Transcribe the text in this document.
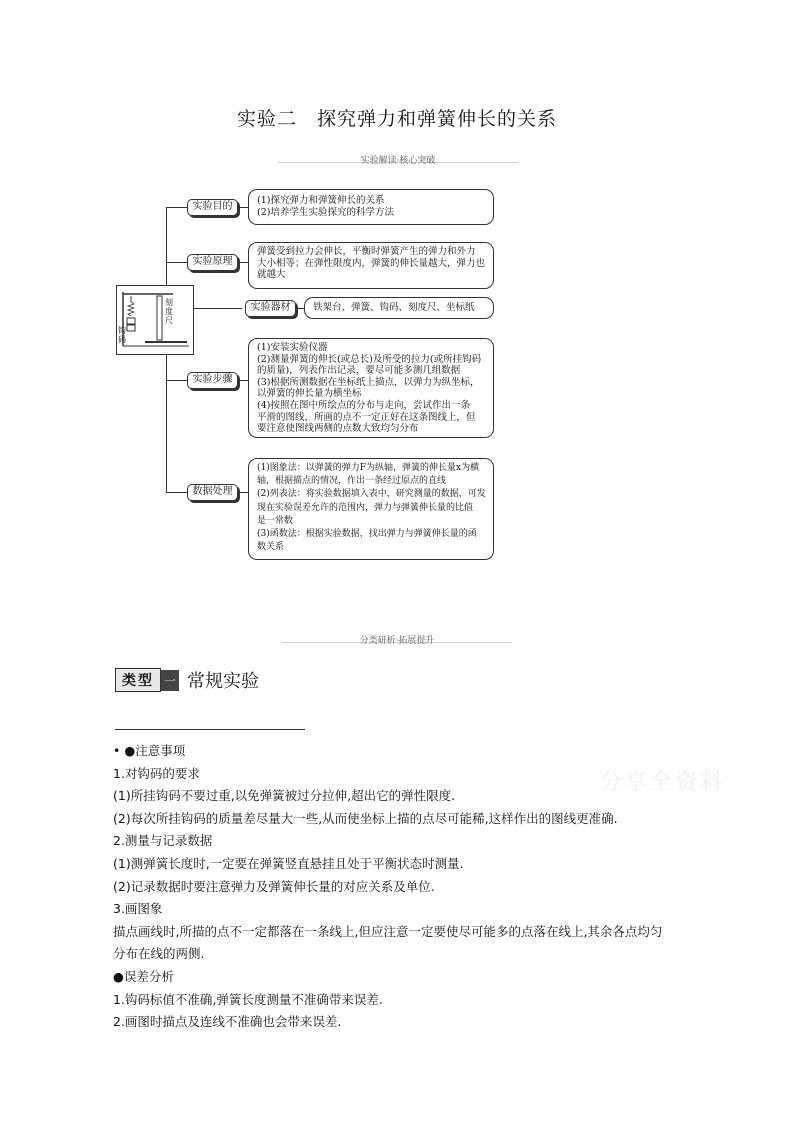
实验二　探究弹力和弹簧伸长的关系
实验解读·核心突破
刻度尺
钩码
实验目的
(1)探究弹力和弹簧伸长的关系
(2)培养学生实验探究的科学方法
实验原理
弹簧受到拉力会伸长，平衡时弹簧产生的弹力和外力
大小相等；在弹性限度内，弹簧的伸长量越大，弹力也
就越大
实验器材	铁架台、弹簧、钩码、刻度尺、坐标纸
实验步骤
(1)安装实验仪器
(2)测量弹簧的伸长(或总长)及所受的拉力(或所挂钩码
的质量)，列表作出记录，要尽可能多测几组数据
(3)根据所测数据在坐标纸上描点，以弹力为纵坐标，
以弹簧的伸长量为横坐标
(4)按照在图中所绘点的分布与走向，尝试作出一条
平滑的图线，所画的点不一定正好在这条图线上，但
要注意使图线两侧的点数大致均匀分布
数据处理
(1)图象法：以弹簧的弹力F为纵轴，弹簧的伸长量x为横
轴，根据描点的情况，作出一条经过原点的直线
(2)列表法：将实验数据填入表中，研究测量的数据，可发
现在实验误差允许的范围内，弹力与弹簧伸长量的比值
是一常数
(3)函数法：根据实验数据，找出弹力与弹簧伸长量的函
数关系
分类研析·拓展提升
类型 一 常规实验
分享全资料
• ●注意事项
1.对钩码的要求
(1)所挂钩码不要过重,以免弹簧被过分拉伸,超出它的弹性限度.
(2)每次所挂钩码的质量差尽量大一些,从而使坐标上描的点尽可能稀,这样作出的图线更准确.
2.测量与记录数据
(1)测弹簧长度时,一定要在弹簧竖直悬挂且处于平衡状态时测量.
(2)记录数据时要注意弹力及弹簧伸长量的对应关系及单位.
3.画图象
描点画线时,所描的点不一定都落在一条线上,但应注意一定要使尽可能多的点落在线上,其余各点均匀
分布在线的两侧.
●误差分析
1.钩码标值不准确,弹簧长度测量不准确带来误差.
2.画图时描点及连线不准确也会带来误差.
